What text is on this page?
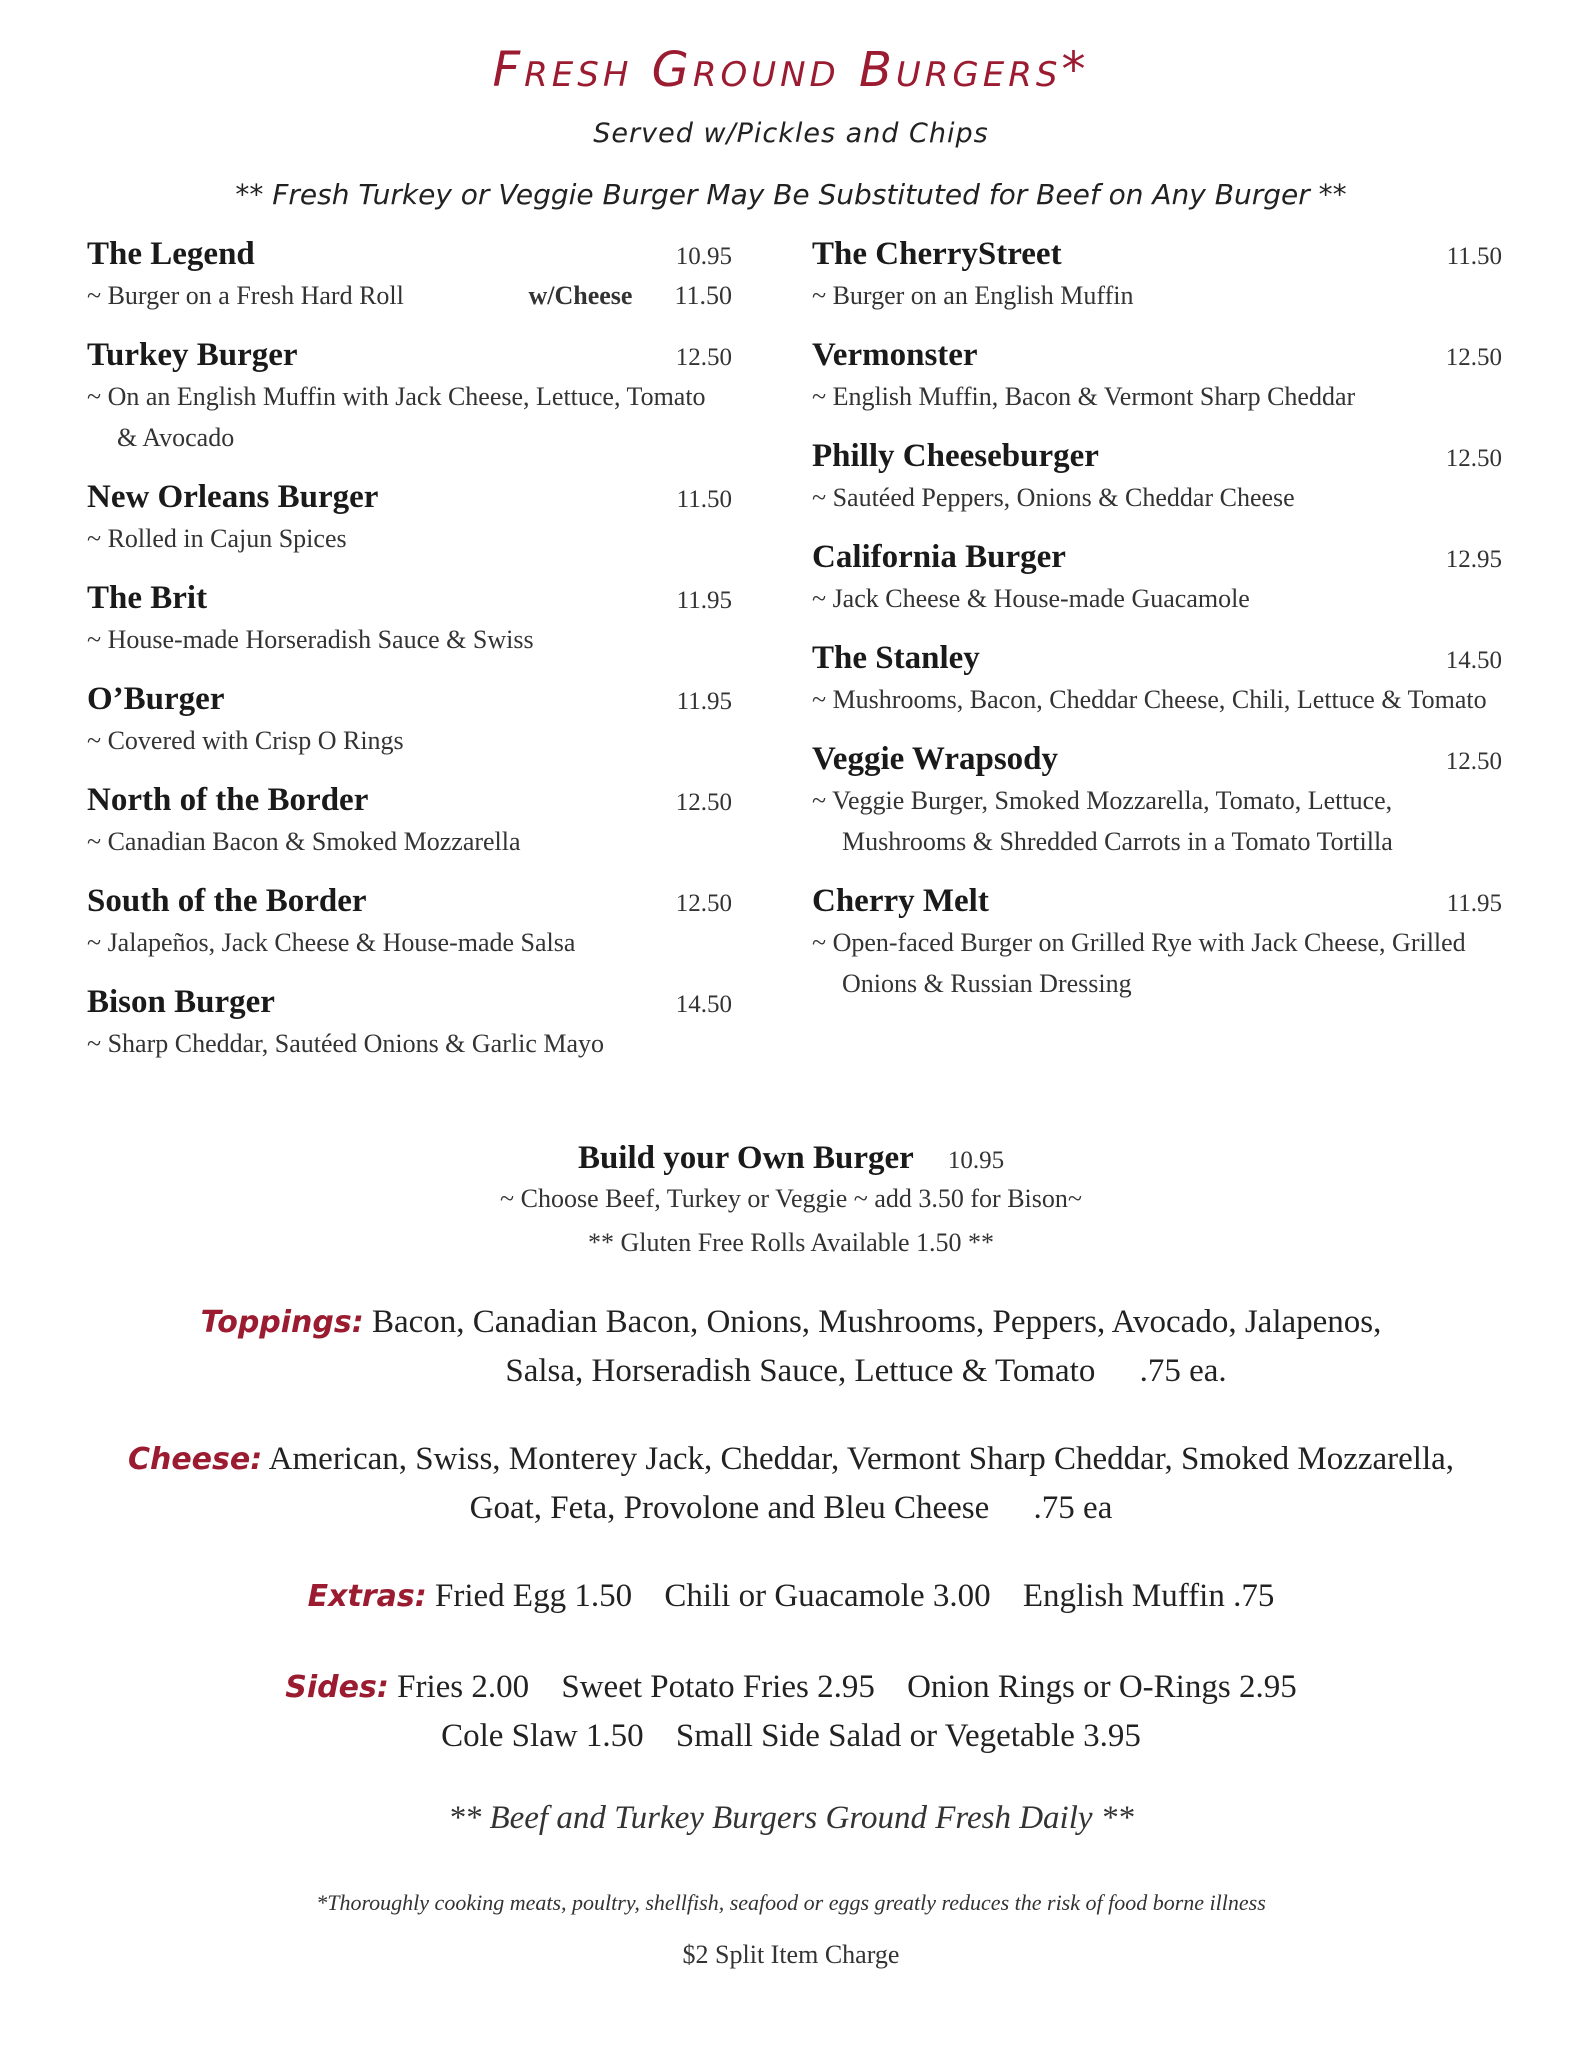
Fresh Ground Burgers*
Served w/Pickles and Chips
** Fresh Turkey or Veggie Burger May Be Substituted for Beef on Any Burger **
The Legend	10.95
~ Burger on a Fresh Hard Roll	w/Cheese 11.50
Turkey Burger	12.50
~ On an English Muffin with Jack Cheese, Lettuce, Tomato & Avocado
New Orleans Burger	11.50
~ Rolled in Cajun Spices
The Brit	11.95
~ House-made Horseradish Sauce & Swiss
O’Burger	11.95
~ Covered with Crisp O Rings
North of the Border	12.50
~ Canadian Bacon & Smoked Mozzarella
South of the Border	12.50
~ Jalapeños, Jack Cheese & House-made Salsa
Bison Burger	14.50
~ Sharp Cheddar, Sautéed Onions & Garlic Mayo
The CherryStreet	11.50
~ Burger on an English Muffin
Vermonster	12.50
~ English Muffin, Bacon & Vermont Sharp Cheddar
Philly Cheeseburger	12.50
~ Sautéed Peppers, Onions & Cheddar Cheese
California Burger	12.95
~ Jack Cheese & House-made Guacamole
The Stanley	14.50
~ Mushrooms, Bacon, Cheddar Cheese, Chili, Lettuce & Tomato
Veggie Wrapsody	12.50
~ Veggie Burger, Smoked Mozzarella, Tomato, Lettuce, Mushrooms & Shredded Carrots in a Tomato Tortilla
Cherry Melt	11.95
~ Open-faced Burger on Grilled Rye with Jack Cheese, Grilled Onions & Russian Dressing
Build your Own Burger 10.95
~ Choose Beef, Turkey or Veggie ~ add 3.50 for Bison~
** Gluten Free Rolls Available 1.50 **
Toppings: Bacon, Canadian Bacon, Onions, Mushrooms, Peppers, Avocado, Jalapenos,
Salsa, Horseradish Sauce, Lettuce & Tomato .75 ea.
Cheese: American, Swiss, Monterey Jack, Cheddar, Vermont Sharp Cheddar, Smoked Mozzarella,
Goat, Feta, Provolone and Bleu Cheese .75 ea
Extras: Fried Egg 1.50 Chili or Guacamole 3.00 English Muffin .75
Sides: Fries 2.00 Sweet Potato Fries 2.95 Onion Rings or O-Rings 2.95
Cole Slaw 1.50 Small Side Salad or Vegetable 3.95
** Beef and Turkey Burgers Ground Fresh Daily **
*Thoroughly cooking meats, poultry, shellfish, seafood or eggs greatly reduces the risk of food borne illness
$2 Split Item Charge
